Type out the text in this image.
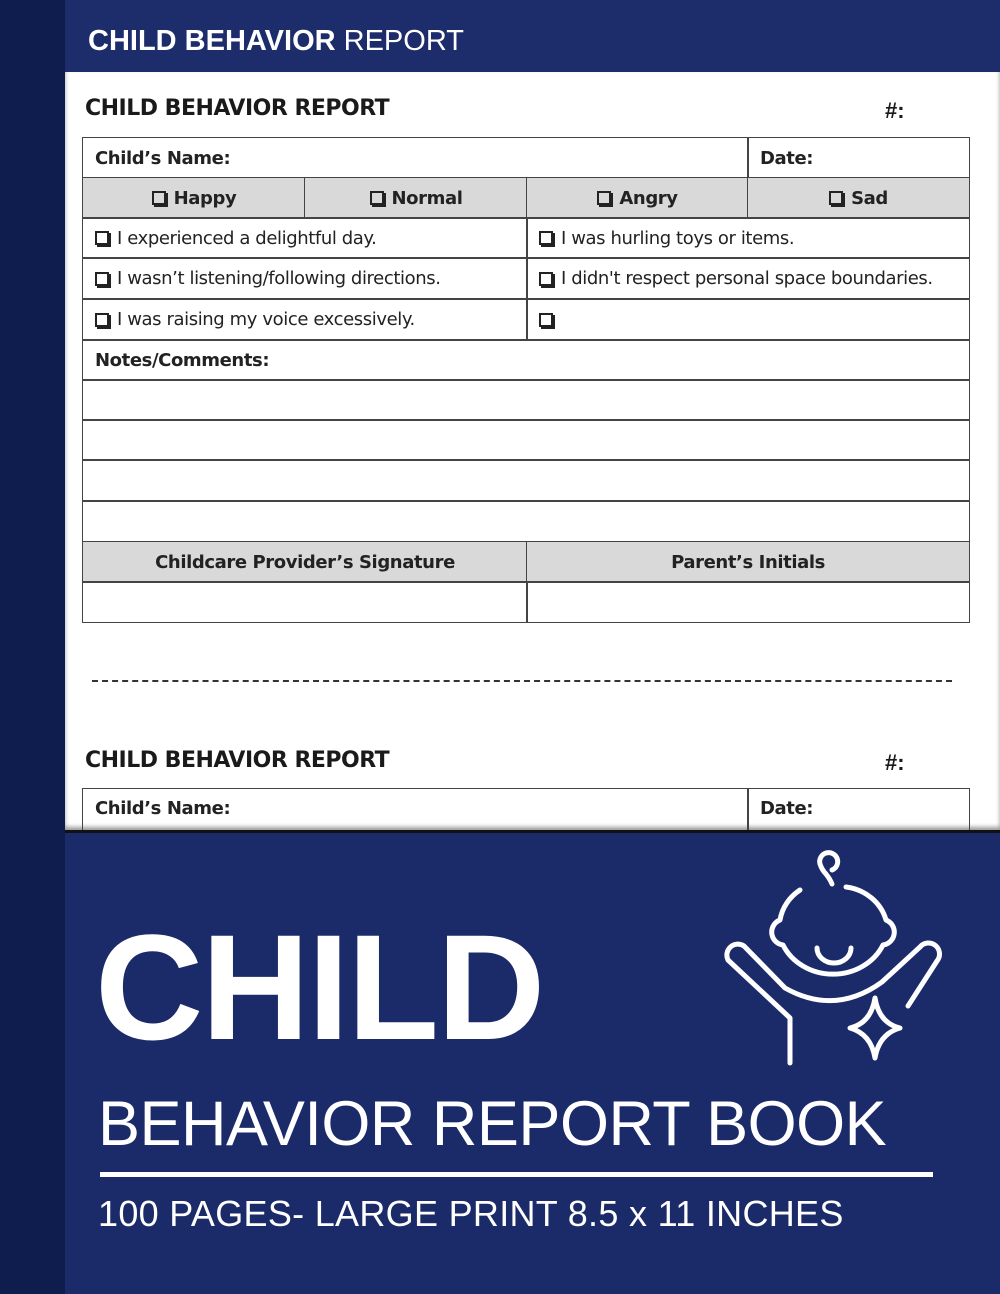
CHILD BEHAVIOR REPORT
CHILD BEHAVIOR REPORT	#:
Child’s Name:	Date:
Happy	Normal	Angry	Sad
I experienced a delightful day.	I was hurling toys or items.
I wasn’t listening/following directions.	I didn't respect personal space boundaries.
I was raising my voice excessively.
Notes/Comments:
Childcare Provider’s Signature	Parent’s Initials
CHILD BEHAVIOR REPORT	#:
Child’s Name:	Date:
CHILD
BEHAVIOR REPORT BOOK
100 PAGES- LARGE PRINT 8.5 x 11 INCHES
